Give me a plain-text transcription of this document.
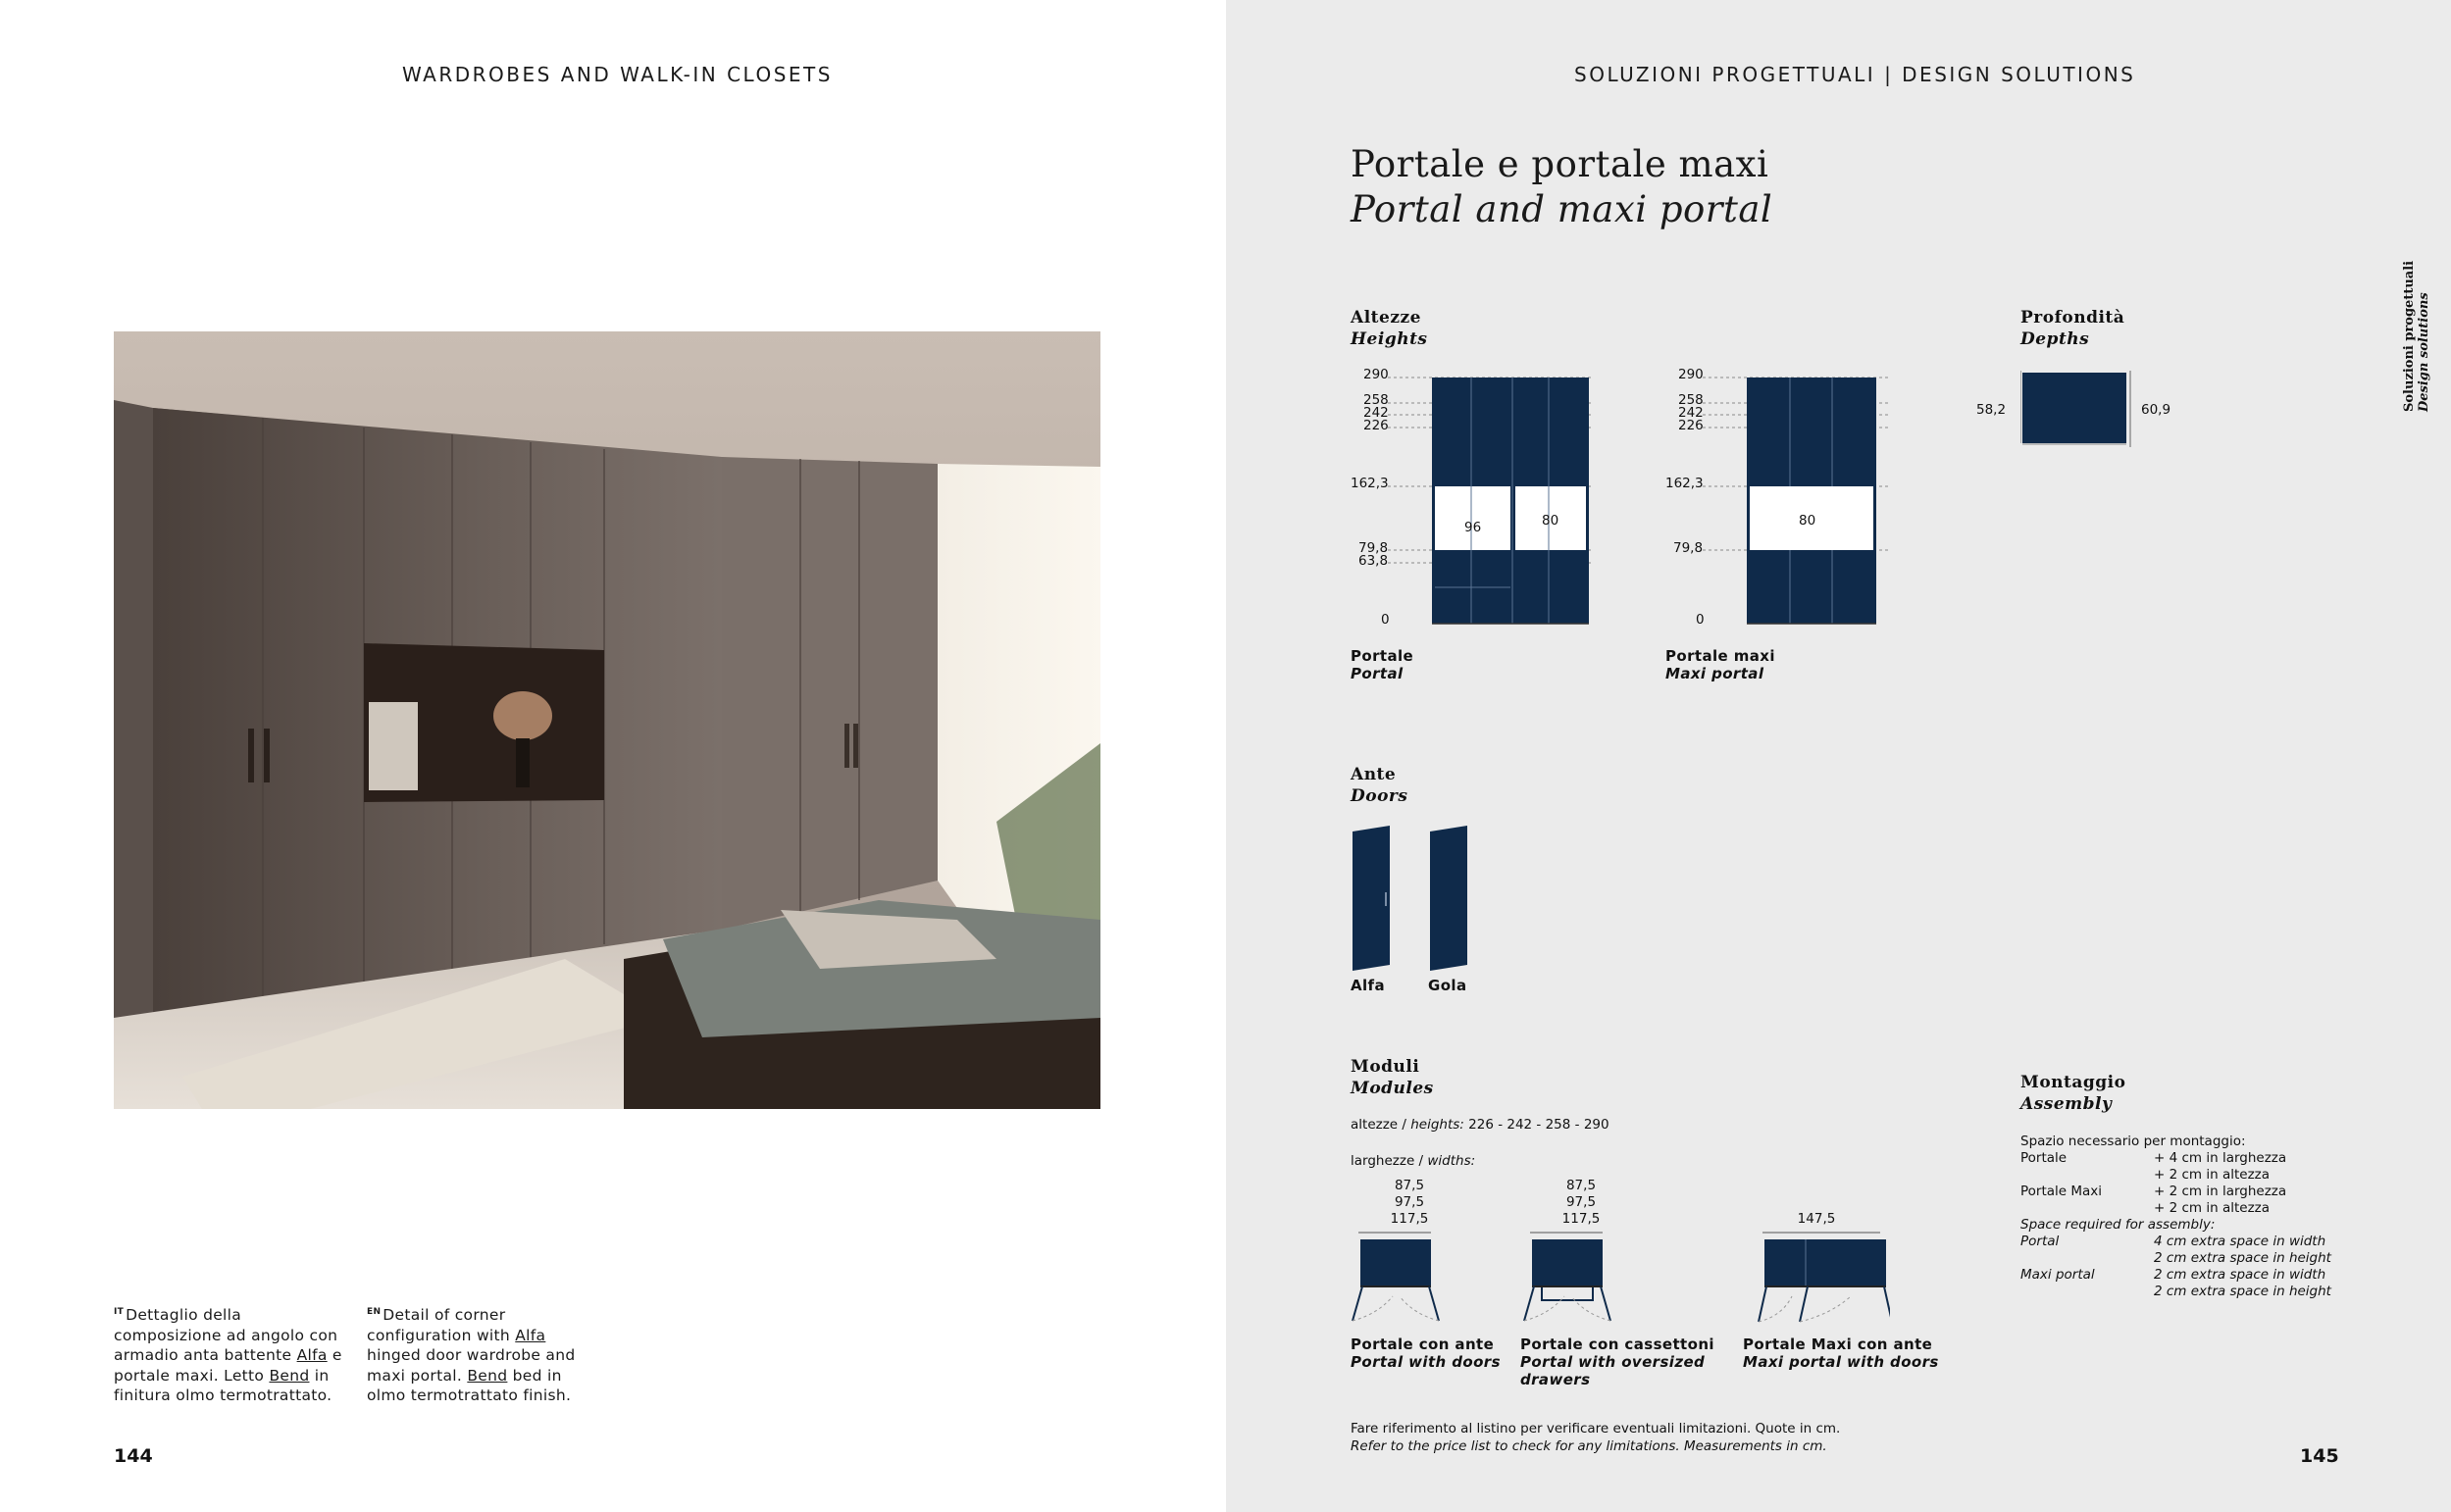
WARDROBES AND WALK-IN CLOSETS
$^{IT}$ Dettaglio della
composizione ad angolo con
armadio anta battente Alfa e
portale maxi. Letto Bend in
finitura olmo termotrattato.
$^{EN}$ Detail of corner
configuration with Alfa
hinged door wardrobe and
maxi portal. Bend bed in
olmo termotrattato finish.
144
SOLUZIONI PROGETTUALI | DESIGN SOLUTIONS
Portale e portale maxi
Portal and maxi portal
Soluzioni progettuali Design solutions
Altezze
Heights
290
258
242
226
162,3
79,8
63,8
0
96	80
Portale
Portal
290
258
242
226
162,3
79,8
0
80
Portale maxi
Maxi portal
Profondità
Depths
58,2	60,9
Ante
Doors
Alfa	Gola
Moduli
Modules
altezze / heights: 226 - 242 - 258 - 290
larghezze / widths:
87,5
97,5
117,5
87,5
97,5
117,5	147,5
Portale con ante
Portal with doors
Portale con cassettoni
Portal with oversized
drawers
Portale Maxi con ante
Maxi portal with doors
Montaggio
Assembly
Spazio necessario per montaggio:
Portale	+ 4 cm in larghezza
+ 2 cm in altezza
Portale Maxi	+ 2 cm in larghezza
+ 2 cm in altezza
Space required for assembly:
Portal	4 cm extra space in width
2 cm extra space in height
Maxi portal	2 cm extra space in width
2 cm extra space in height
Fare riferimento al listino per verificare eventuali limitazioni. Quote in cm.
Refer to the price list to check for any limitations. Measurements in cm.	145
